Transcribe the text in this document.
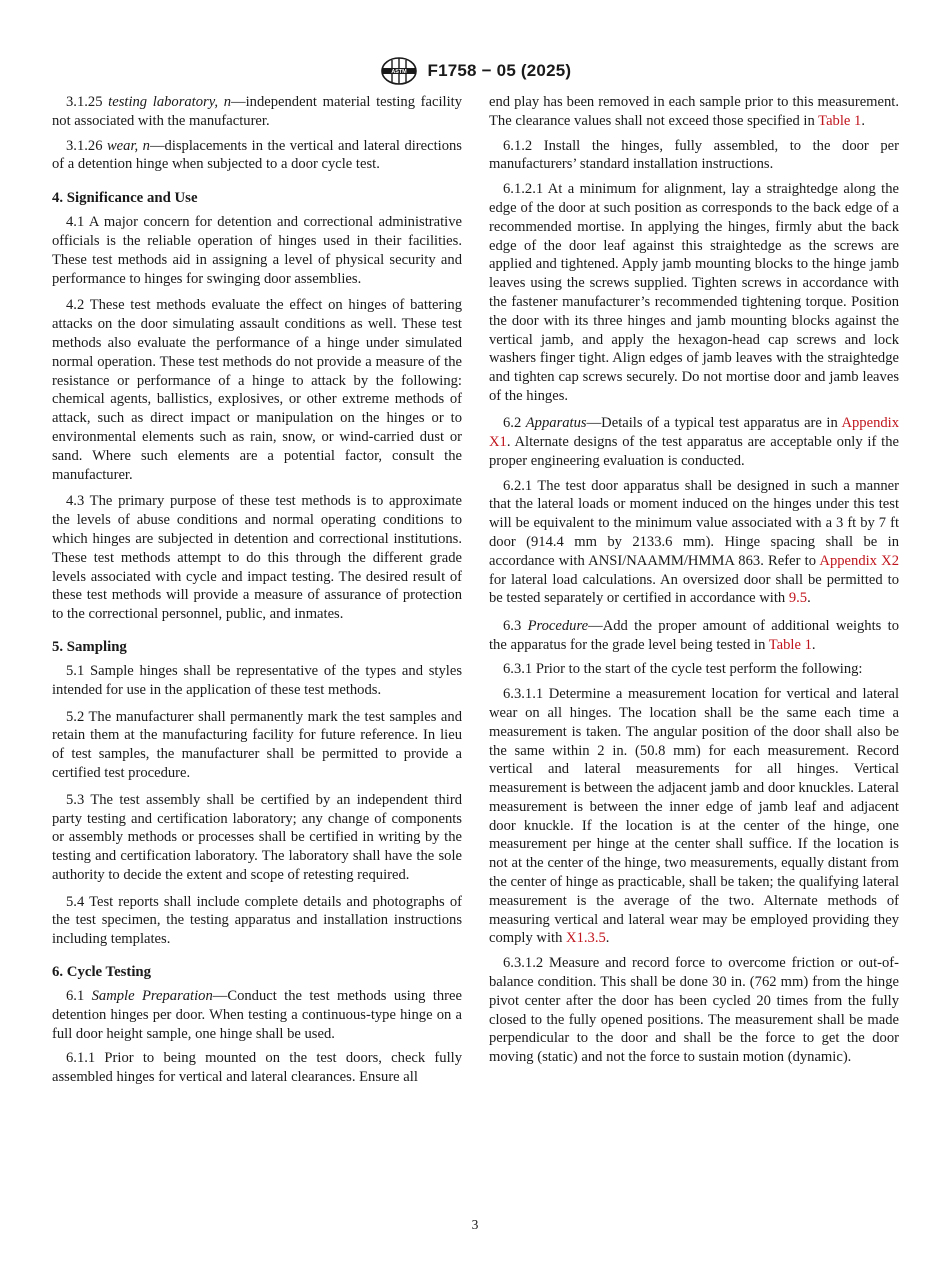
ASTM F1758 − 05 (2025)

3.1.25 testing laboratory, n—independent material testing facility not associated with the manufacturer.

3.1.26 wear, n—displacements in the vertical and lateral directions of a detention hinge when subjected to a door cycle test.

4. Significance and Use

4.1 A major concern for detention and correctional administrative officials is the reliable operation of hinges used in their facilities. These test methods aid in assigning a level of physical security and performance to hinges for swinging door assemblies.

4.2 These test methods evaluate the effect on hinges of battering attacks on the door simulating assault conditions as well. These test methods also evaluate the performance of a hinge under simulated normal operation. These test methods do not provide a measure of the resistance or performance of a hinge to attack by the following: chemical agents, ballistics, explosives, or other extreme methods of attack, such as direct impact or manipulation on the hinges or to environmental elements such as rain, snow, or wind-carried dust or sand. Where such elements are a potential factor, consult the manufacturer.

4.3 The primary purpose of these test methods is to approximate the levels of abuse conditions and normal operating conditions to which hinges are subjected in detention and correctional institutions. These test methods attempt to do this through the different grade levels associated with cycle and impact testing. The desired result of these test methods will provide a measure of assurance of protection to the correctional personnel, public, and inmates.

5. Sampling

5.1 Sample hinges shall be representative of the types and styles intended for use in the application of these test methods.

5.2 The manufacturer shall permanently mark the test samples and retain them at the manufacturing facility for future reference. In lieu of test samples, the manufacturer shall be permitted to provide a certified test procedure.

5.3 The test assembly shall be certified by an independent third party testing and certification laboratory; any change of components or assembly methods or processes shall be certified in writing by the testing and certification laboratory. The laboratory shall have the sole authority to decide the extent and scope of retesting required.

5.4 Test reports shall include complete details and photographs of the test specimen, the testing apparatus and installation instructions including templates.

6. Cycle Testing

6.1 Sample Preparation—Conduct the test methods using three detention hinges per door. When testing a continuous-type hinge on a full door height sample, one hinge shall be used.

6.1.1 Prior to being mounted on the test doors, check fully assembled hinges for vertical and lateral clearances. Ensure all

end play has been removed in each sample prior to this measurement. The clearance values shall not exceed those specified in Table 1.

6.1.2 Install the hinges, fully assembled, to the door per manufacturers’ standard installation instructions.

6.1.2.1 At a minimum for alignment, lay a straightedge along the edge of the door at such position as corresponds to the back edge of a recommended mortise. In applying the hinges, firmly abut the back edge of the door leaf against this straightedge as the screws are applied and tightened. Apply jamb mounting blocks to the hinge jamb leaves using the screws supplied. Tighten screws in accordance with the fastener manufacturer’s recommended tightening torque. Position the door with its three hinges and jamb mounting blocks against the vertical jamb, and apply the hexagon-head cap screws and lock washers finger tight. Align edges of jamb leaves with the straightedge and tighten cap screws securely. Do not mortise door and jamb leaves of the hinges.

6.2 Apparatus—Details of a typical test apparatus are in Appendix X1. Alternate designs of the test apparatus are acceptable only if the proper engineering evaluation is conducted.

6.2.1 The test door apparatus shall be designed in such a manner that the lateral loads or moment induced on the hinges under this test will be equivalent to the minimum value associated with a 3 ft by 7 ft door (914.4 mm by 2133.6 mm). Hinge spacing shall be in accordance with ANSI/NAAMM/HMMA 863. Refer to Appendix X2 for lateral load calculations. An oversized door shall be permitted to be tested separately or certified in accordance with 9.5.

6.3 Procedure—Add the proper amount of additional weights to the apparatus for the grade level being tested in Table 1.

6.3.1 Prior to the start of the cycle test perform the following:

6.3.1.1 Determine a measurement location for vertical and lateral wear on all hinges. The location shall be the same each time a measurement is taken. The angular position of the door shall also be the same within 2 in. (50.8 mm) for each measurement. Record vertical and lateral measurements for all hinges. Vertical measurement is between the adjacent jamb and door knuckles. Lateral measurement is between the inner edge of jamb leaf and adjacent door knuckle. If the location is at the center of the hinge, one measurement per hinge at the center shall suffice. If the location is not at the center of the hinge, two measurements, equally distant from the center of hinge as practicable, shall be taken; the qualifying lateral measurement is the average of the two. Alternate methods of measuring vertical and lateral wear may be employed providing they comply with X1.3.5.

6.3.1.2 Measure and record force to overcome friction or out-of-balance condition. This shall be done 30 in. (762 mm) from the hinge pivot center after the door has been cycled 20 times from the fully closed to the fully opened positions. The measurement shall be made perpendicular to the door and shall be the force to get the door moving (static) and not the force to sustain motion (dynamic).

3
